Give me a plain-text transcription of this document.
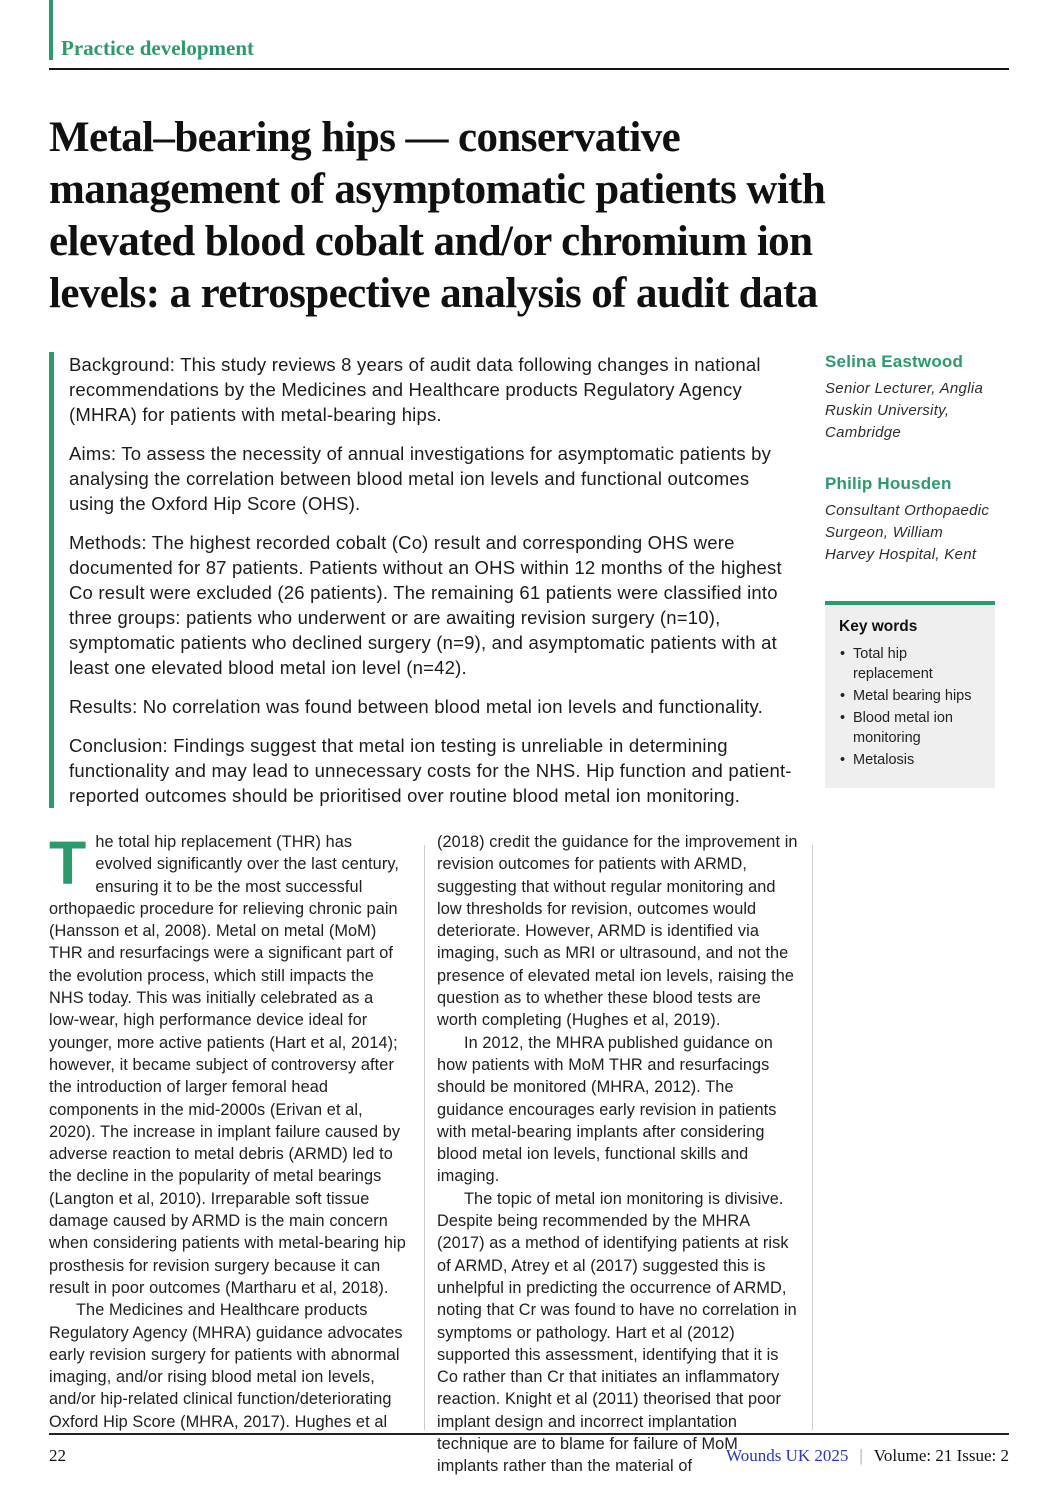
Practice development
Metal–bearing hips — conservative
management of asymptomatic patients with
elevated blood cobalt and/or chromium ion
levels: a retrospective analysis of audit data

Background: This study reviews 8 years of audit data following changes in national recommendations by the Medicines and Healthcare products Regulatory Agency (MHRA) for patients with metal-bearing hips.

Aims: To assess the necessity of annual investigations for asymptomatic patients by analysing the correlation between blood metal ion levels and functional outcomes using the Oxford Hip Score (OHS).

Methods: The highest recorded cobalt (Co) result and corresponding OHS were documented for 87 patients. Patients without an OHS within 12 months of the highest Co result were excluded (26 patients). The remaining 61 patients were classified into three groups: patients who underwent or are awaiting revision surgery (n=10), symptomatic patients who declined surgery (n=9), and asymptomatic patients with at least one elevated blood metal ion level (n=42).

Results: No correlation was found between blood metal ion levels and functionality.

Conclusion: Findings suggest that metal ion testing is unreliable in determining functionality and may lead to unnecessary costs for the NHS. Hip function and patient-reported outcomes should be prioritised over routine blood metal ion monitoring.

Selina Eastwood
Senior Lecturer, Anglia Ruskin University, Cambridge
Philip Housden
Consultant Orthopaedic Surgeon, William Harvey Hospital, Kent
Key words
• Total hip replacement
• Metal bearing hips
• Blood metal ion monitoring
• Metalosis

The total hip replacement (THR) has evolved significantly over the last century, ensuring it to be the most successful orthopaedic procedure for relieving chronic pain (Hansson et al, 2008). Metal on metal (MoM) THR and resurfacings were a significant part of the evolution process, which still impacts the NHS today. This was initially celebrated as a low-wear, high performance device ideal for younger, more active patients (Hart et al, 2014); however, it became subject of controversy after the introduction of larger femoral head components in the mid-2000s (Erivan et al, 2020). The increase in implant failure caused by adverse reaction to metal debris (ARMD) led to the decline in the popularity of metal bearings (Langton et al, 2010). Irreparable soft tissue damage caused by ARMD is the main concern when considering patients with metal-bearing hip prosthesis for revision surgery because it can result in poor outcomes (Martharu et al, 2018).

The Medicines and Healthcare products Regulatory Agency (MHRA) guidance advocates early revision surgery for patients with abnormal imaging, and/or rising blood metal ion levels, and/or hip-related clinical function/deteriorating Oxford Hip Score (MHRA, 2017). Hughes et al

(2018) credit the guidance for the improvement in revision outcomes for patients with ARMD, suggesting that without regular monitoring and low thresholds for revision, outcomes would deteriorate. However, ARMD is identified via imaging, such as MRI or ultrasound, and not the presence of elevated metal ion levels, raising the question as to whether these blood tests are worth completing (Hughes et al, 2019).

In 2012, the MHRA published guidance on how patients with MoM THR and resurfacings should be monitored (MHRA, 2012). The guidance encourages early revision in patients with metal-bearing implants after considering blood metal ion levels, functional skills and imaging.

The topic of metal ion monitoring is divisive. Despite being recommended by the MHRA (2017) as a method of identifying patients at risk of ARMD, Atrey et al (2017) suggested this is unhelpful in predicting the occurrence of ARMD, noting that Cr was found to have no correlation in symptoms or pathology. Hart et al (2012) supported this assessment, identifying that it is Co rather than Cr that initiates an inflammatory reaction. Knight et al (2011) theorised that poor implant design and incorrect implantation technique are to blame for failure of MoM implants rather than the material of

22	Wounds UK 2025 | Volume: 21 Issue: 2
